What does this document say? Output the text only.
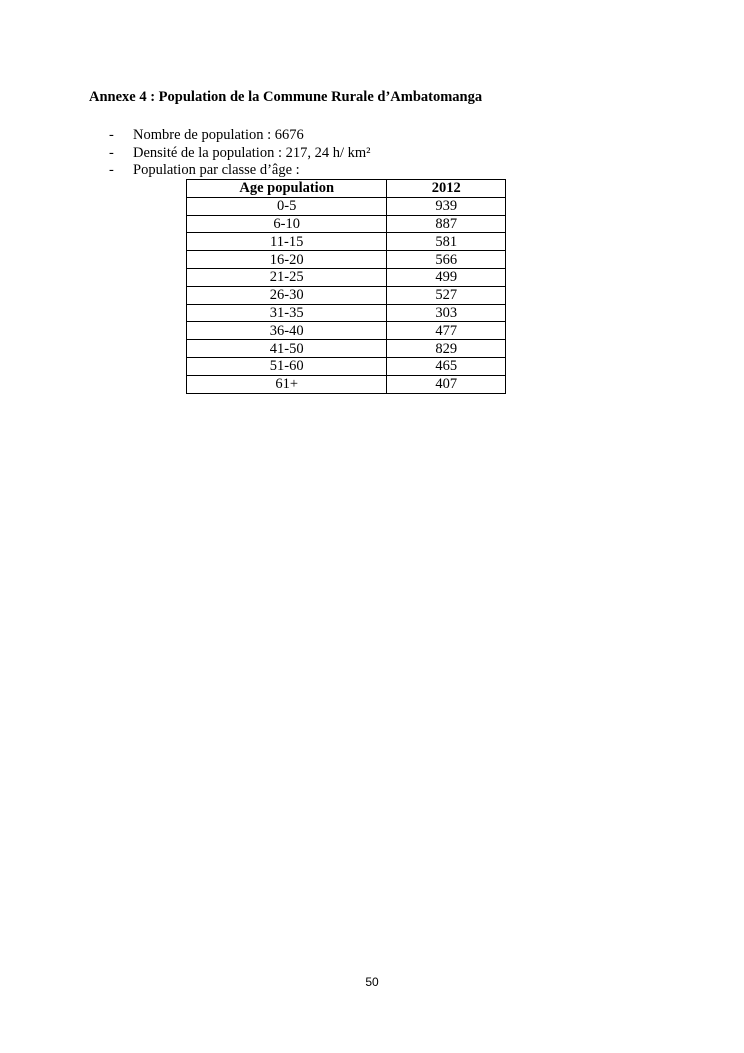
Annexe 4 : Population de la Commune Rurale d’Ambatomanga
- Nombre de population : 6676
- Densité de la population : 217, 24 h/ km²
- Population par classe d’âge :
Age population	2012
0-5	939
6-10	887
11-15	581
16-20	566
21-25	499
26-30	527
31-35	303
36-40	477
41-50	829
51-60	465
61+	407
50
